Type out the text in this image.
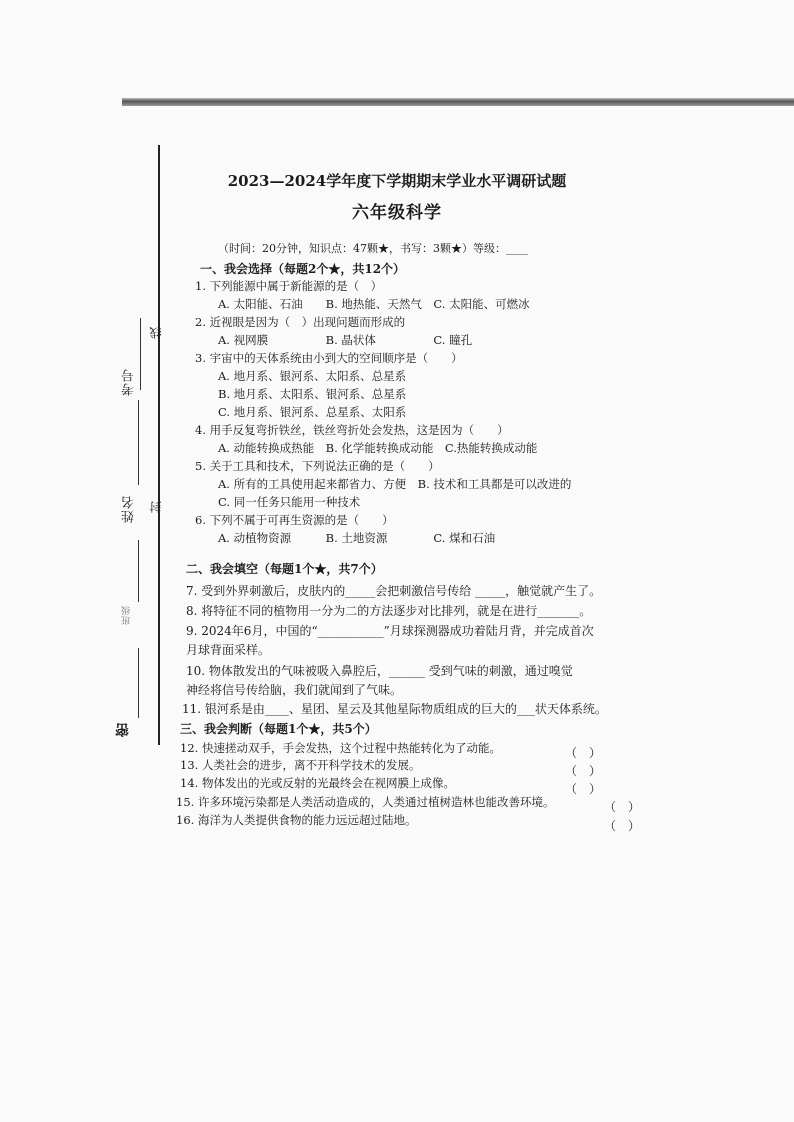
考号
线
姓名 封
班级
密
2023—2024学年度下学期期末学业水平调研试题
六年级科学
（时间：20分钟，知识点：47颗★，书写：3颗★）等级：____
一、我会选择（每题2个★，共12个）
1. 下列能源中属于新能源的是（　）
A. 太阳能、石油　　B. 地热能、天然气　C. 太阳能、可燃冰
2. 近视眼是因为（　）出现问题而形成的
A. 视网膜　　　　　B. 晶状体　　　　　C. 瞳孔
3. 宇宙中的天体系统由小到大的空间顺序是（　　）
A. 地月系、银河系、太阳系、总星系
B. 地月系、太阳系、银河系、总星系
C. 地月系、银河系、总星系、太阳系
4. 用手反复弯折铁丝，铁丝弯折处会发热，这是因为（　　）
A. 动能转换成热能　B. 化学能转换成动能　C.热能转换成动能
5. 关于工具和技术，下列说法正确的是（　　）
A. 所有的工具使用起来都省力、方便　B. 技术和工具都是可以改进的
C. 同一任务只能用一种技术
6. 下列不属于可再生资源的是（　　）
A. 动植物资源　　　B. 土地资源　　　　C. 煤和石油
二、我会填空（每题1个★，共7个）
7. 受到外界刺激后，皮肤内的_____会把刺激信号传给 _____，触觉就产生了。
8. 将特征不同的植物用一分为二的方法逐步对比排列，就是在进行_______。
9. 2024年6月，中国的“___________”月球探测器成功着陆月背，并完成首次
月球背面采样。
10. 物体散发出的气味被吸入鼻腔后，______ 受到气味的刺激，通过嗅觉
神经将信号传给脑，我们就闻到了气味。
11. 银河系是由____、星团、星云及其他星际物质组成的巨大的___状天体系统。
三、我会判断（每题1个★，共5个）
12. 快速搓动双手，手会发热，这个过程中热能转化为了动能。	（　）
13. 人类社会的进步，离不开科学技术的发展。	（　）
14. 物体发出的光或反射的光最终会在视网膜上成像。	（　）
15. 许多环境污染都是人类活动造成的，人类通过植树造林也能改善环境。	（　）
16. 海洋为人类提供食物的能力远远超过陆地。	（　）
